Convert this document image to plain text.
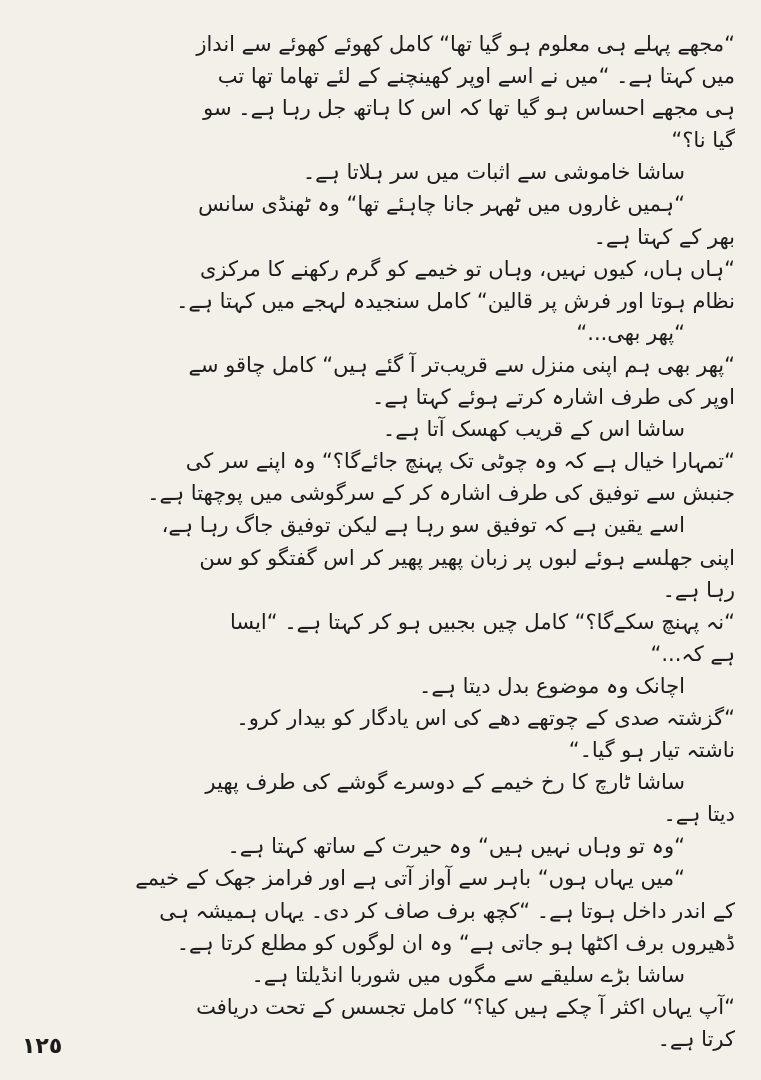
“مجھے پہلے ہی معلوم ہو گیا تھا“ کامل کھوئے کھوئے سے انداز
میں کہتا ہے۔ “میں نے اسے اوپر کھینچنے کے لئے تھاما تھا تب
ہی مجھے احساس ہو گیا تھا کہ اس کا ہاتھ جل رہا ہے۔ سو
گیا نا؟“
ساشا خاموشی سے اثبات میں سر ہلاتا ہے۔
“ہمیں غاروں میں ٹھہر جانا چاہئے تھا“ وہ ٹھنڈی سانس
بھر کے کہتا ہے۔
“ہاں ہاں، کیوں نہیں، وہاں تو خیمے کو گرم رکھنے کا مرکزی
نظام ہوتا اور فرش پر قالین“ کامل سنجیدہ لہجے میں کہتا ہے۔
“پھر بھی...“
“پھر بھی ہم اپنی منزل سے قریب‌تر آ گئے ہیں“ کامل چاقو سے
اوپر کی طرف اشارہ کرتے ہوئے کہتا ہے۔
ساشا اس کے قریب کھسک آتا ہے۔
“تمہارا خیال ہے کہ وہ چوٹی تک پہنچ جائےگا؟“ وہ اپنے سر کی
جنبش سے توفیق کی طرف اشارہ کر کے سرگوشی میں پوچھتا ہے۔
اسے یقین ہے کہ توفیق سو رہا ہے لیکن توفیق جاگ رہا ہے،
اپنی جھلسے ہوئے لبوں پر زبان پھیر پھیر کر اس گفتگو کو سن
رہا ہے۔
“نہ پہنچ سکےگا؟“ کامل چیں بجبیں ہو کر کہتا ہے۔ “ایسا
ہے کہ...“
اچانک وہ موضوع بدل دیتا ہے۔
“گزشتہ صدی کے چوتھے دھے کی اس یادگار کو بیدار کرو۔
ناشتہ تیار ہو گیا۔“
ساشا ٹارچ کا رخ خیمے کے دوسرے گوشے کی طرف پھیر
دیتا ہے۔
“وہ تو وہاں نہیں ہیں“ وہ حیرت کے ساتھ کہتا ہے۔
“میں یہاں ہوں“ باہر سے آواز آتی ہے اور فرامز جھک کے خیمے
کے اندر داخل ہوتا ہے۔ “کچھ برف صاف کر دی۔ یہاں ہمیشہ ہی
ڈھیروں برف اکٹھا ہو جاتی ہے“ وہ ان لوگوں کو مطلع کرتا ہے۔
ساشا بڑے سلیقے سے مگوں میں شوربا انڈیلتا ہے۔
“آپ یہاں اکثر آ چکے ہیں کیا؟“ کامل تجسس کے تحت دریافت
کرتا ہے۔
١٢٥
